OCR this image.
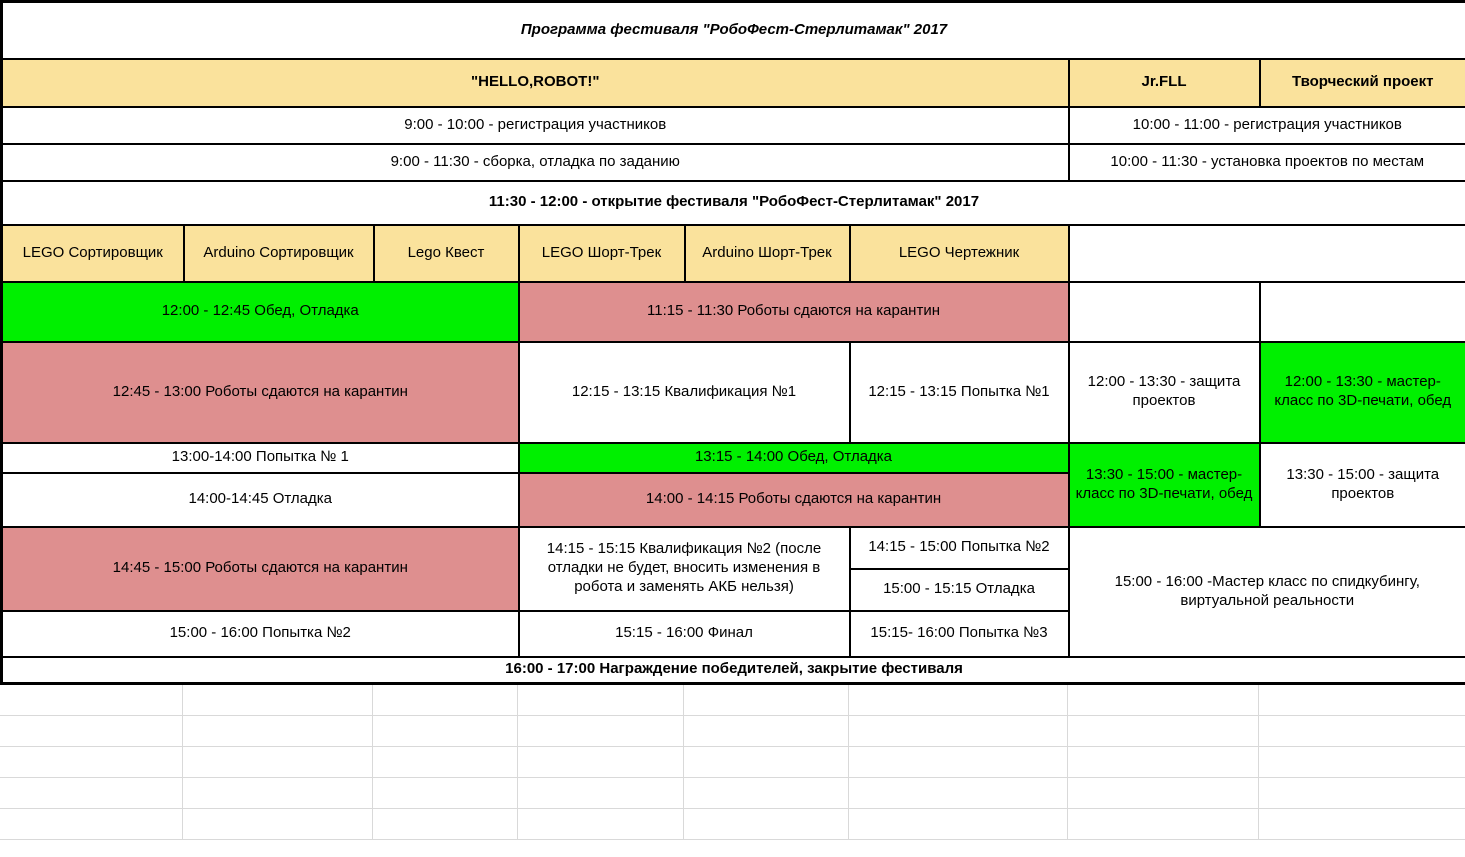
Программа фестиваля "РобоФест-Стерлитамак" 2017							
"HELLO,ROBOT!"						Jr.FLL	Творческий проект
9:00 - 10:00 - регистрация участников						10:00 - 11:00 - регистрация участников	
9:00 - 11:30 - сборка, отладка по заданию						10:00 - 11:30 - установка проектов по местам	
11:30 - 12:00 - открытие фестиваля "РобоФест-Стерлитамак" 2017							
LEGO Сортировщик	Arduino Сортировщик	Lego Квест	LEGO Шорт-Трек	Arduino Шорт-Трек	LEGO Чертежник		
12:00 - 12:45 Обед, Отладка			11:15 - 11:30 Роботы сдаются на карантин				
12:45 - 13:00 Роботы сдаются на карантин			12:15 - 13:15 Квалификация №1		12:15 - 13:15 Попытка №1	12:00 - 13:30 - защита проектов	12:00 - 13:30 - мастер-класс по 3D-печати, обед
13:00-14:00 Попытка № 1			13:15 - 14:00 Обед, Отладка			13:30 - 15:00 - мастер-класс по 3D-печати, обед	13:30 - 15:00 - защита проектов
14:00-14:45 Отладка			14:00 - 14:15 Роботы сдаются на карантин				
14:45 - 15:00 Роботы сдаются на карантин			14:15 - 15:15 Квалификация №2 (после отладки не будет, вносить изменения в робота и заменять АКБ нельзя)		14:15 - 15:00 Попытка №2	15:00 - 16:00 -Мастер класс по спидкубингу, виртуальной реальности	
					15:00 - 15:15 Отладка		
15:00 - 16:00 Попытка №2			15:15 - 16:00 Финал		15:15- 16:00 Попытка №3		
16:00 - 17:00 Награждение победителей, закрытие фестиваля							
